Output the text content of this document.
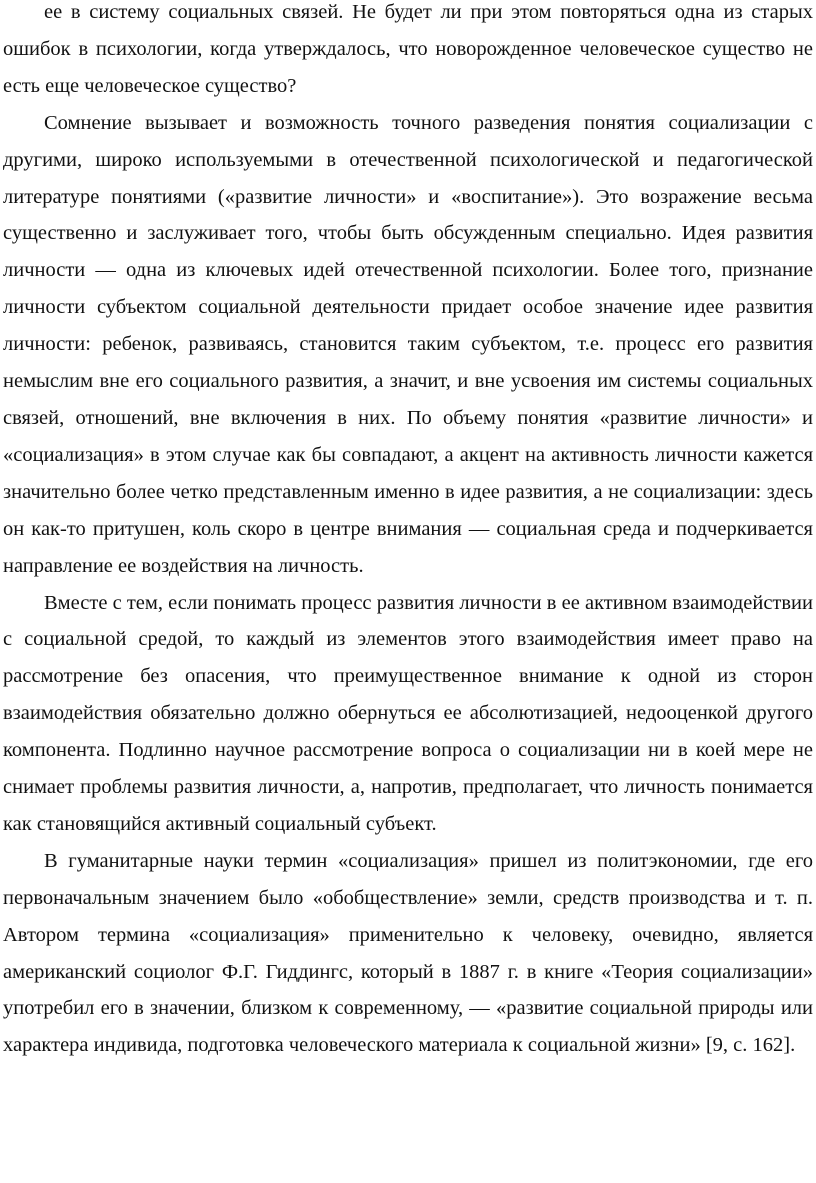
ее в систему социальных связей. Не будет ли при этом повторяться одна из старых ошибок в психологии, когда утверждалось, что новорожденное человеческое существо не есть еще человеческое существо?

Сомнение вызывает и возможность точного разведения понятия социализации с другими, широко используемыми в отечественной психологической и педагогической литературе понятиями («развитие личности» и «воспитание»). Это возражение весьма существенно и заслуживает того, чтобы быть обсужденным специально. Идея развития личности — одна из ключевых идей отечественной психологии. Более того, признание личности субъектом социальной деятельности придает особое значение идее развития личности: ребенок, развиваясь, становится таким субъектом, т.е. процесс его развития немыслим вне его социального развития, а значит, и вне усвоения им системы социальных связей, отношений, вне включения в них. По объему понятия «развитие личности» и «социализация» в этом случае как бы совпадают, а акцент на активность личности кажется значительно более четко представленным именно в идее развития, а не социализации: здесь он как-то притушен, коль скоро в центре внимания — социальная среда и подчеркивается направление ее воздействия на личность.

Вместе с тем, если понимать процесс развития личности в ее активном взаимодействии с социальной средой, то каждый из элементов этого взаимодействия имеет право на рассмотрение без опасения, что преимущественное внимание к одной из сторон взаимодействия обязательно должно обернуться ее абсолютизацией, недооценкой другого компонента. Подлинно научное рассмотрение вопроса о социализации ни в коей мере не снимает проблемы развития личности, а, напротив, предполагает, что личность понимается как становящийся активный социальный субъект.

В гуманитарные науки термин «социализация» пришел из политэкономии, где его первоначальным значением было «обобществление» земли, средств производства и т. п. Автором термина «социализация» применительно к человеку, очевидно, является американский социолог Ф.Г. Гиддингс, который в 1887 г. в книге «Теория социализации» употребил его в значении, близком к современному, — «развитие социальной природы или характера индивида, подготовка человеческого материала к социальной жизни» [9, с. 162].
